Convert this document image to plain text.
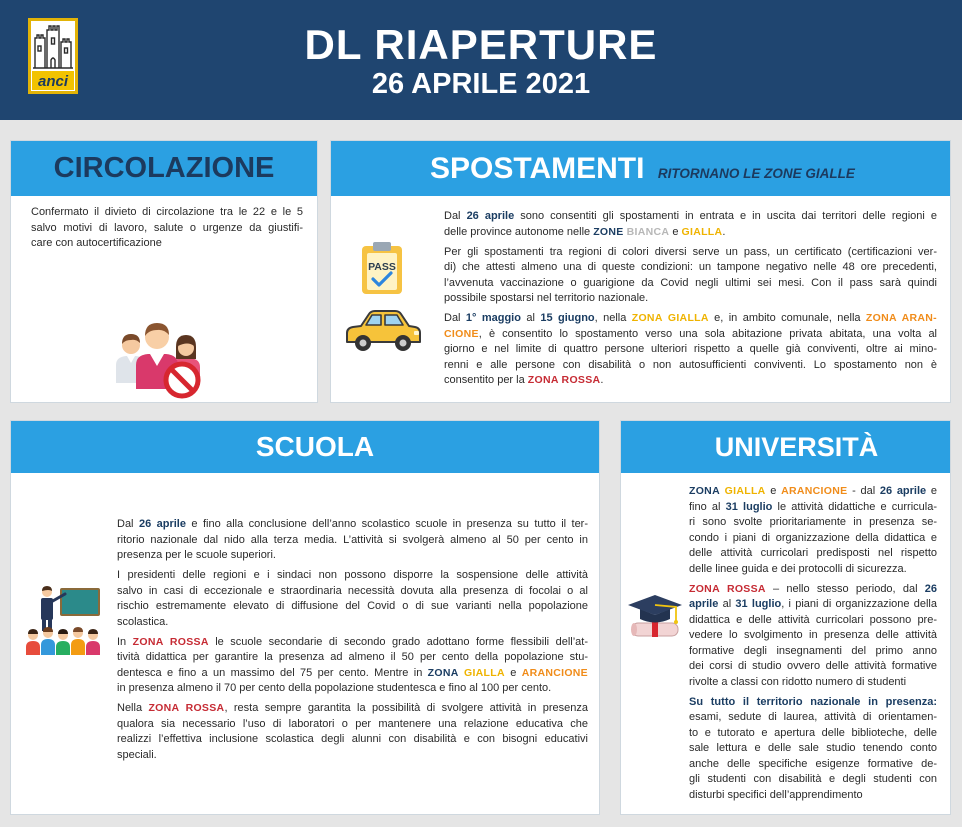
anci
DL RIAPERTURE
26 APRILE 2021
CIRCOLAZIONE
Confermato il divieto di circolazione tra le 22 e le 5
salvo motivi di lavoro, salute o urgenze da giustifi-
care con autocertificazione
SPOSTAMENTI RITORNANO LE ZONE GIALLE
Dal 26 aprile sono consentiti gli spostamenti in entrata e in uscita dai territori delle regioni e
delle province autonome nelle ZONE BIANCA e GIALLA.
Per gli spostamenti tra regioni di colori diversi serve un pass, un certificato (certificazioni ver-
di) che attesti almeno una di queste condizioni: un tampone negativo nelle 48 ore precedenti,
l’avvenuta vaccinazione o guarigione da Covid negli ultimi sei mesi. Con il pass sarà quindi
possibile spostarsi nel territorio nazionale.
Dal 1° maggio al 15 giugno, nella ZONA GIALLA e, in ambito comunale, nella ZONA ARAN-
CIONE, è consentito lo spostamento verso una sola abitazione privata abitata, una volta al
giorno e nel limite di quattro persone ulteriori rispetto a quelle già conviventi, oltre ai mino-
renni e alle persone con disabilità o non autosufficienti conviventi. Lo spostamento non è
consentito per la ZONA ROSSA.
PASS
SCUOLA
Dal 26 aprile e fino alla conclusione dell’anno scolastico scuole in presenza su tutto il ter-
ritorio nazionale dal nido alla terza media. L’attività si svolgerà almeno al 50 per cento in
presenza per le scuole superiori.
I presidenti delle regioni e i sindaci non possono disporre la sospensione delle attività
salvo in casi di eccezionale e straordinaria necessità dovuta alla presenza di focolai o al
rischio estremamente elevato di diffusione del Covid o di sue varianti nella popolazione
scolastica.
In ZONA ROSSA le scuole secondarie di secondo grado adottano forme flessibili dell’at-
tività didattica per garantire la presenza ad almeno il 50 per cento della popolazione stu-
dentesca e fino a un massimo del 75 per cento. Mentre in ZONA GIALLA e ARANCIONE
in presenza almeno il 70 per cento della popolazione studentesca e fino al 100 per cento.
Nella ZONA ROSSA, resta sempre garantita la possibilità di svolgere attività in presenza
qualora sia necessario l’uso di laboratori o per mantenere una relazione educativa che
realizzi l’effettiva inclusione scolastica degli alunni con disabilità e con bisogni educativi
speciali.
UNIVERSITÀ
ZONA GIALLA e ARANCIONE - dal 26 aprile e
fino al 31 luglio le attività didattiche e curricula-
ri sono svolte prioritariamente in presenza se-
condo i piani di organizzazione della didattica e
delle attività curricolari predisposti nel rispetto
delle linee guida e dei protocolli di sicurezza.
ZONA ROSSA – nello stesso periodo, dal 26
aprile al 31 luglio, i piani di organizzazione della
didattica e delle attività curricolari possono pre-
vedere lo svolgimento in presenza delle attività
formative degli insegnamenti del primo anno
dei corsi di studio ovvero delle attività formative
rivolte a classi con ridotto numero di studenti
Su tutto il territorio nazionale in presenza:
esami, sedute di laurea, attività di orientamen-
to e tutorato e apertura delle biblioteche, delle
sale lettura e delle sale studio tenendo conto
anche delle specifiche esigenze formative de-
gli studenti con disabilità e degli studenti con
disturbi specifici dell’apprendimento
